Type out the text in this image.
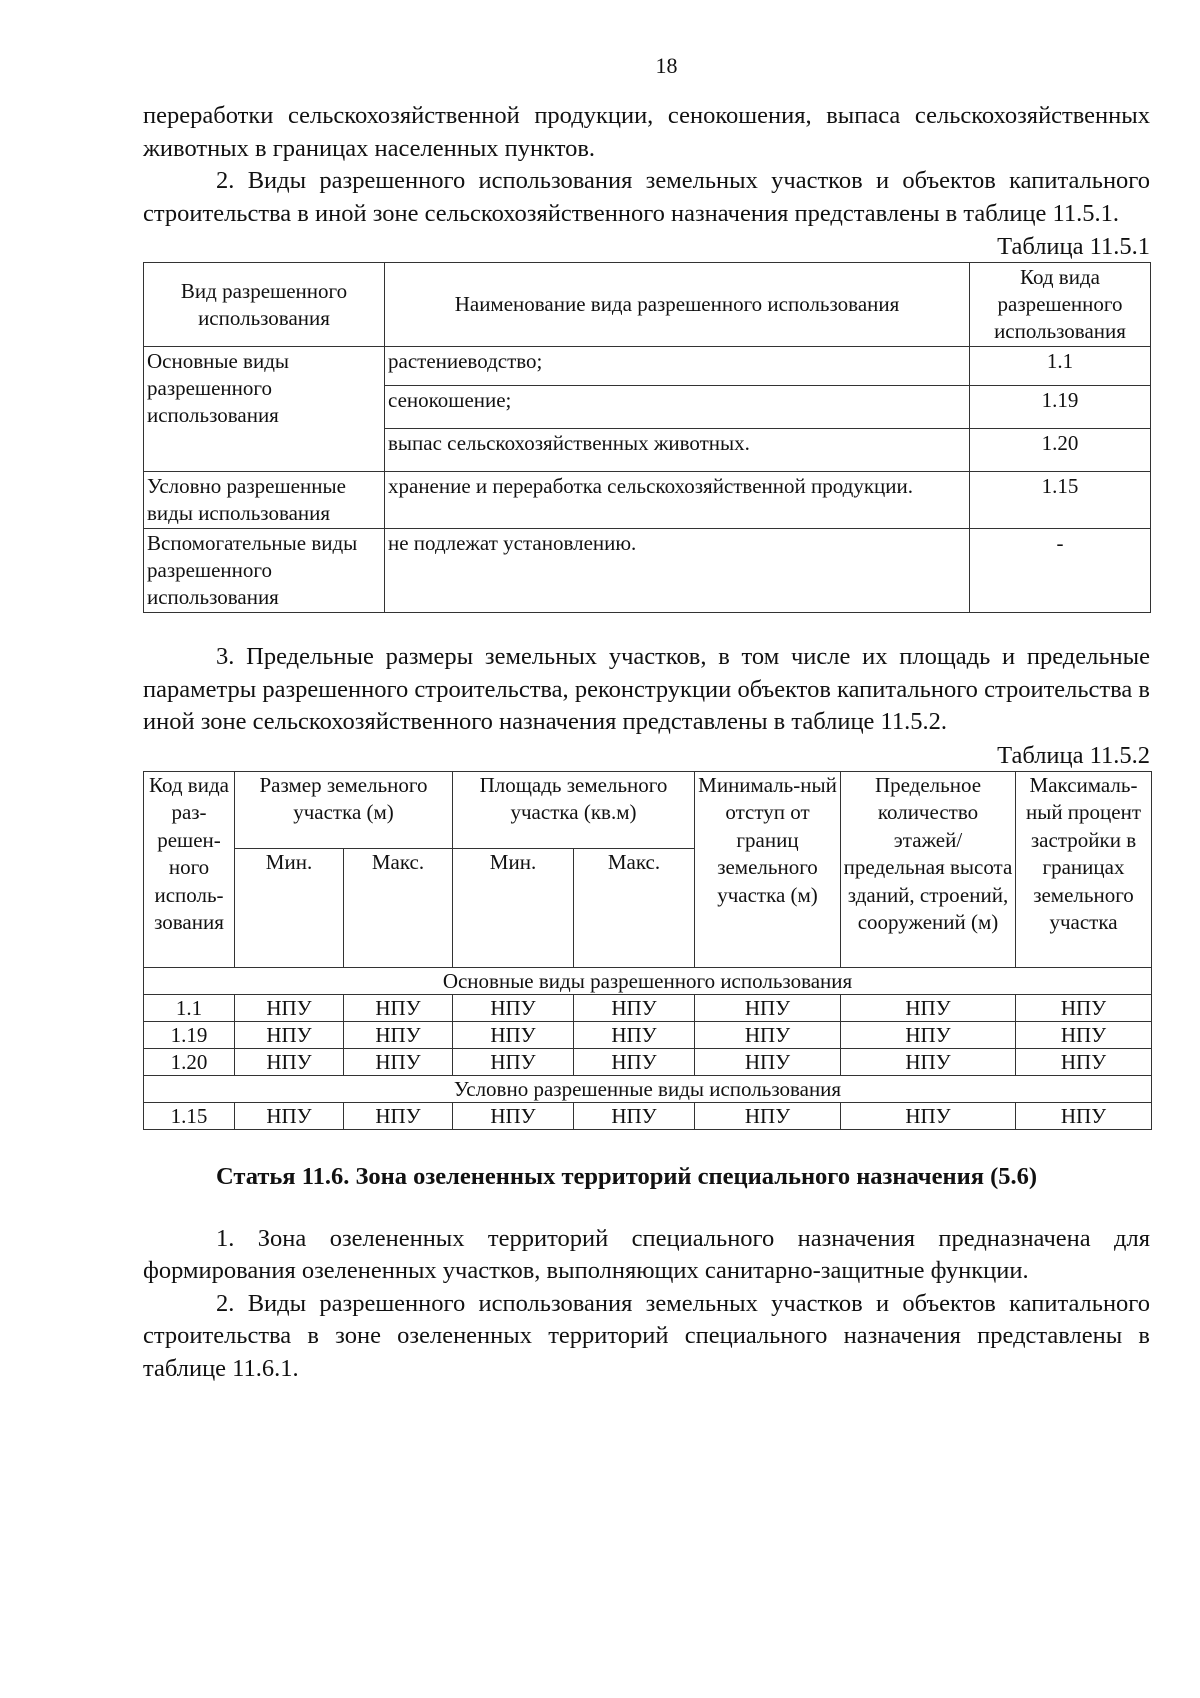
18

переработки сельскохозяйственной продукции, сенокошения, выпаса сельскохозяйственных животных в границах населенных пунктов.

2. Виды разрешенного использования земельных участков и объектов капитального строительства в иной зоне сельскохозяйственного назначения представлены в таблице 11.5.1.

Таблица 11.5.1
Вид разрешенного использования	Наименование вида разрешенного использования	Код вида разрешенного использования
Основные виды разрешенного использования	растениеводство;	1.1
	сенокошение;	1.19
	выпас сельскохозяйственных животных.	1.20
Условно разрешенные виды использования	хранение и переработка сельскохозяйственной продукции.	1.15
Вспомогательные виды разрешенного использования	не подлежат установлению.	-

3. Предельные размеры земельных участков, в том числе их площадь и предельные параметры разрешенного строительства, реконструкции объектов капитального строительства в иной зоне сельскохозяйственного назначения представлены в таблице 11.5.2.

Таблица 11.5.2
Код вида раз-решен-ного исполь-зования	Размер земельного участка (м)		Площадь земельного участка (кв.м)		Минималь-ный отступ от границ земельного участка (м)	Предельное количество этажей/ предельная высота зданий, строений, сооружений (м)	Максималь-ный процент застройки в границах земельного участка
	Мин.	Макс.	Мин.	Макс.			
Основные виды разрешенного использования							
1.1	НПУ	НПУ	НПУ	НПУ	НПУ	НПУ	НПУ
1.19	НПУ	НПУ	НПУ	НПУ	НПУ	НПУ	НПУ
1.20	НПУ	НПУ	НПУ	НПУ	НПУ	НПУ	НПУ
Условно разрешенные виды использования							
1.15	НПУ	НПУ	НПУ	НПУ	НПУ	НПУ	НПУ
Статья 11.6. Зона озелененных территорий специального назначения (5.6)

1. Зона озелененных территорий специального назначения предназначена для формирования озелененных участков, выполняющих санитарно-защитные функции.

2. Виды разрешенного использования земельных участков и объектов капитального строительства в зоне озелененных территорий специального назначения представлены в таблице 11.6.1.
